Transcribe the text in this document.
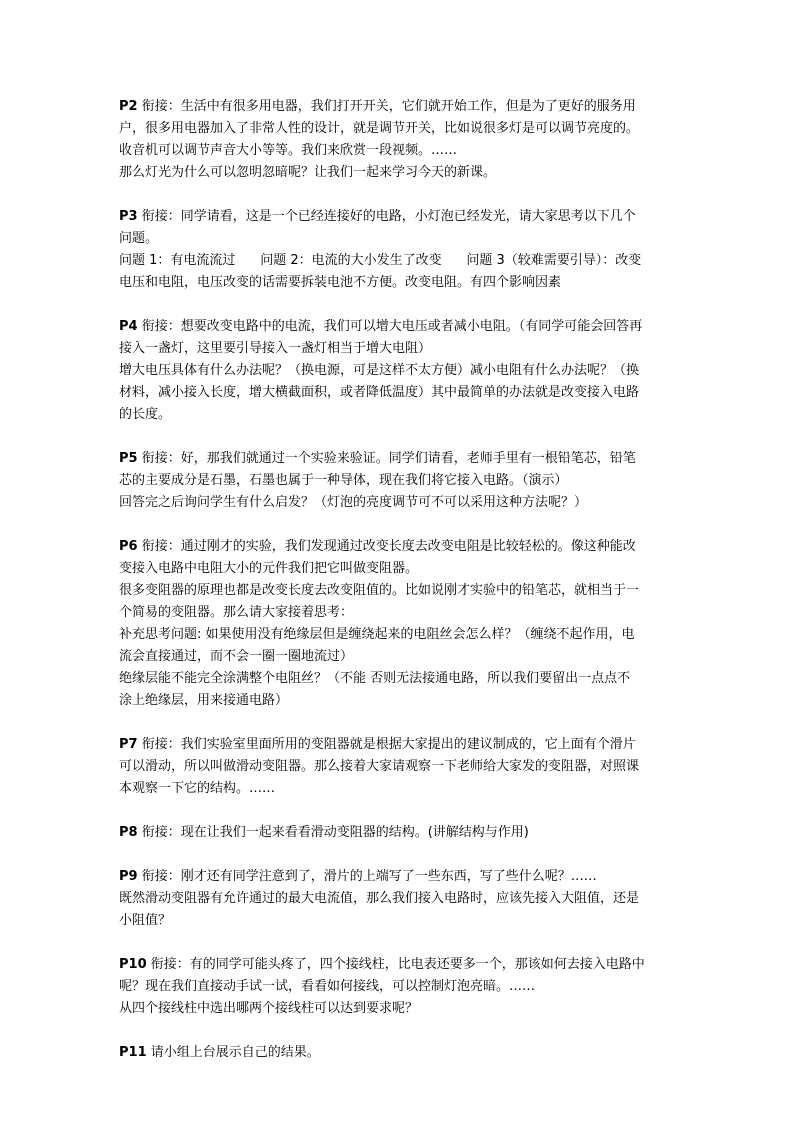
P2 衔接：生活中有很多用电器，我们打开开关，它们就开始工作，但是为了更好的服务用
户，很多用电器加入了非常人性的设计，就是调节开关，比如说很多灯是可以调节亮度的。
收音机可以调节声音大小等等。我们来欣赏一段视频。……
那么灯光为什么可以忽明忽暗呢？让我们一起来学习今天的新课。
P3 衔接：同学请看，这是一个已经连接好的电路，小灯泡已经发光，请大家思考以下几个
问题。
问题 1：有电流流过      问题 2：电流的大小发生了改变      问题 3（较难需要引导）：改变
电压和电阻，电压改变的话需要拆装电池不方便。改变电阻。有四个影响因素
P4 衔接：想要改变电路中的电流，我们可以增大电压或者减小电阻。（有同学可能会回答再
接入一盏灯，这里要引导接入一盏灯相当于增大电阻）
增大电压具体有什么办法呢？（换电源，可是这样不太方便）减小电阻有什么办法呢？（换
材料，减小接入长度，增大横截面积，或者降低温度）其中最简单的办法就是改变接入电路
的长度。
P5 衔接：好，那我们就通过一个实验来验证。同学们请看，老师手里有一根铅笔芯，铅笔
芯的主要成分是石墨，石墨也属于一种导体，现在我们将它接入电路。（演示）
回答完之后询问学生有什么启发？（灯泡的亮度调节可不可以采用这种方法呢？）
P6 衔接：通过刚才的实验，我们发现通过改变长度去改变电阻是比较轻松的。像这种能改
变接入电路中电阻大小的元件我们把它叫做变阻器。
很多变阻器的原理也都是改变长度去改变阻值的。比如说刚才实验中的铅笔芯，就相当于一
个简易的变阻器。那么请大家接着思考：
补充思考问题: 如果使用没有绝缘层但是缠绕起来的电阻丝会怎么样？（缠绕不起作用，电
流会直接通过，而不会一圈一圈地流过）
绝缘层能不能完全涂满整个电阻丝？（不能 否则无法接通电路，所以我们要留出一点点不
涂上绝缘层，用来接通电路）
P7 衔接：我们实验室里面所用的变阻器就是根据大家提出的建议制成的，它上面有个滑片
可以滑动，所以叫做滑动变阻器。那么接着大家请观察一下老师给大家发的变阻器，对照课
本观察一下它的结构。……
P8 衔接：现在让我们一起来看看滑动变阻器的结构。(讲解结构与作用)
P9 衔接：刚才还有同学注意到了，滑片的上端写了一些东西，写了些什么呢？……
既然滑动变阻器有允许通过的最大电流值，那么我们接入电路时，应该先接入大阻值，还是
小阻值？
P10 衔接：有的同学可能头疼了，四个接线柱，比电表还要多一个，那该如何去接入电路中
呢？现在我们直接动手试一试，看看如何接线，可以控制灯泡亮暗。……
从四个接线柱中选出哪两个接线柱可以达到要求呢？
P11 请小组上台展示自己的结果。
